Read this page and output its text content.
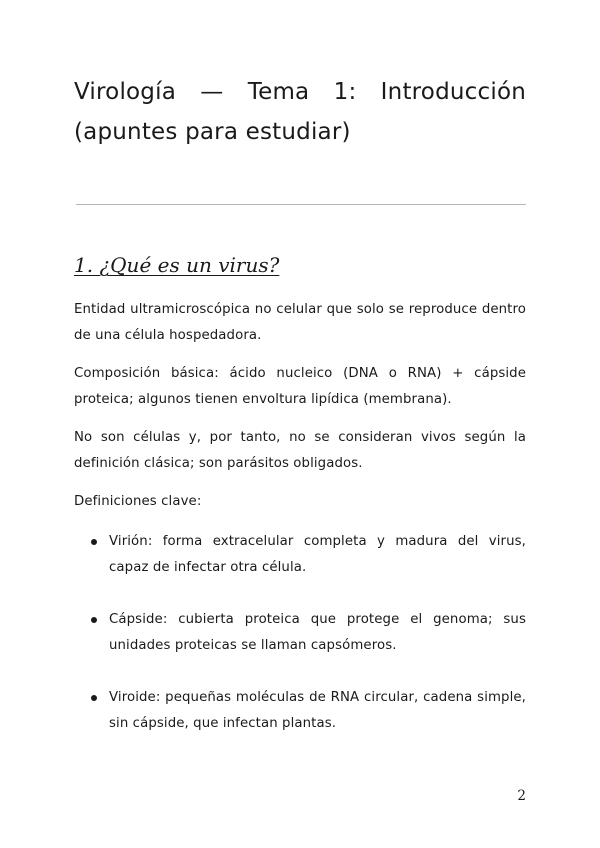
Virología — Tema 1: Introducción (apuntes para estudiar)
1. ¿Qué es un virus?

Entidad ultramicroscópica no celular que solo se reproduce dentro de una célula hospedadora.

Composición básica: ácido nucleico (DNA o RNA) + cápside proteica; algunos tienen envoltura lipídica (membrana).

No son células y, por tanto, no se consideran vivos según la definición clásica; son parásitos obligados.

Definiciones clave:

Virión: forma extracelular completa y madura del virus, capaz de infectar otra célula.
Cápside: cubierta proteica que protege el genoma; sus unidades proteicas se llaman capsómeros.
Viroide: pequeñas moléculas de RNA circular, cadena simple, sin cápside, que infectan plantas.
2
